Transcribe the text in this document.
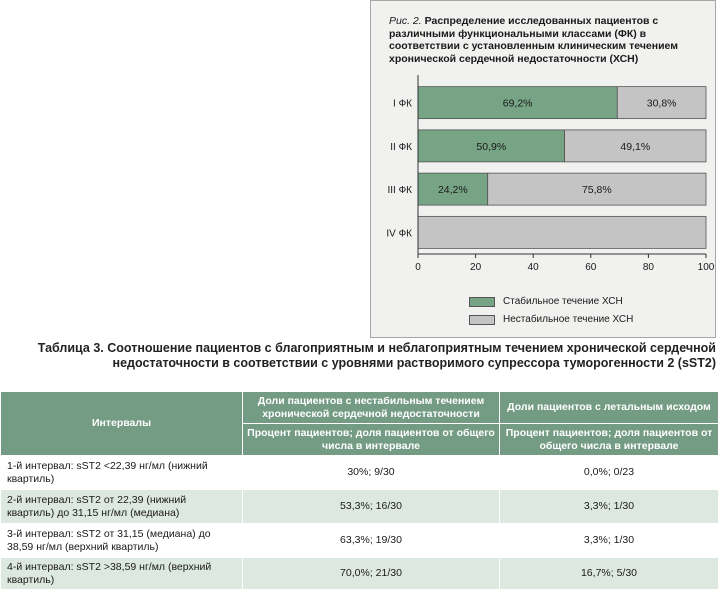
Рис. 2. Распределение исследованных пациентов с различными функциональными классами (ФК) в соответствии с установленным клиническим течением хронической сердечной недостаточности (ХСН)
69,2%	30,8%
I ФК
50,9%	49,1%
II ФК
24,2%	75,8%
III ФК
IV ФК
0	20	40	60	80	100
Стабильное течение ХСН
Нестабильное течение ХСН
Таблица 3. Соотношение пациентов с благоприятным и неблагоприятным течением хронической сердечной
недостаточности в соответствии с уровнями растворимого супрессора туморогенности 2 (sST2)
Интервалы	Доли пациентов с нестабильным течением хронической сердечной недостаточности	Доли пациентов с летальным исходом
	Процент пациентов; доля пациентов от общего числа в интервале	Процент пациентов; доля пациентов от общего числа в интервале
1-й интервал: sST2 <22,39 нг/мл (нижний квартиль)	30%; 9/30	0,0%; 0/23
2-й интервал: sST2 от 22,39 (нижний квартиль) до 31,15 нг/мл (медиана)	53,3%; 16/30	3,3%; 1/30
3-й интервал: sST2 от 31,15 (медиана) до 38,59 нг/мл (верхний квартиль)	63,3%; 19/30	3,3%; 1/30
4-й интервал: sST2 >38,59 нг/мл (верхний квартиль)	70,0%; 21/30	16,7%; 5/30
